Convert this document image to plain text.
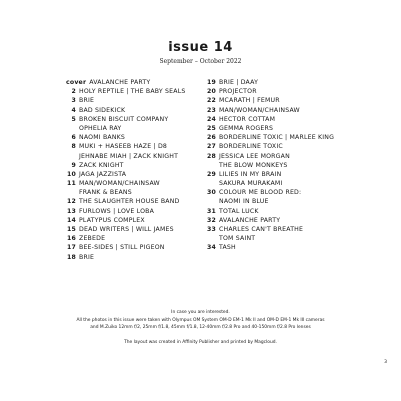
issue 14
September – October 2022
cover AVALANCHE PARTY
2 HOLY REPTILE | THE BABY SEALS
3 BRIE
4 BAD SIDEKICK
5 BROKEN BISCUIT COMPANY
OPHELIA RAY
6 NAOMI BANKS
8 MUKI + HASEEB HAZE | D8
JEHNABE MIAH | ZACK KNIGHT
9 ZACK KNIGHT
10 JAGA JAZZISTA
11 MAN/WOMAN/CHAINSAW
FRANK & BEANS
12 THE SLAUGHTER HOUSE BAND
13 FURLOWS | LOVE LOBA
14 PLATYPUS COMPLEX
15 DEAD WRITERS | WILL JAMES
16 ZEBEDE
17 BEE-SIDES | STILL PIGEON
18 BRIE
19 BRIE | DAAY
20 PROJECTOR
22 MCARATH | FEMUR
23 MAN/WOMAN/CHAINSAW
24 HECTOR COTTAM
25 GEMMA ROGERS
26 BORDERLINE TOXIC | MARLEE KING
27 BORDERLINE TOXIC
28 JESSICA LEE MORGAN
THE BLOW MONKEYS
29 LILIES IN MY BRAIN
SAKURA MURAKAMI
30 COLOUR ME BLOOD RED:
NAOMI IN BLUE
31 TOTAL LUCK
32 AVALANCHE PARTY
33 CHARLES CAN'T BREATHE
TOM SAINT
34 TASH
In case you are interested.
All the photos in this issue were taken with Olympus OM System OM-D EM-1 Mk II and OM-D EM-1 Mk III cameras
and M.Zuiko 12mm f/2, 25mm f/1.8, 45mm f/1.8, 12-40mm f/2.8 Pro and 40-150mm f/2.8 Pro lenses
The layout was created in Affinity Publisher and printed by Magcloud.
3
